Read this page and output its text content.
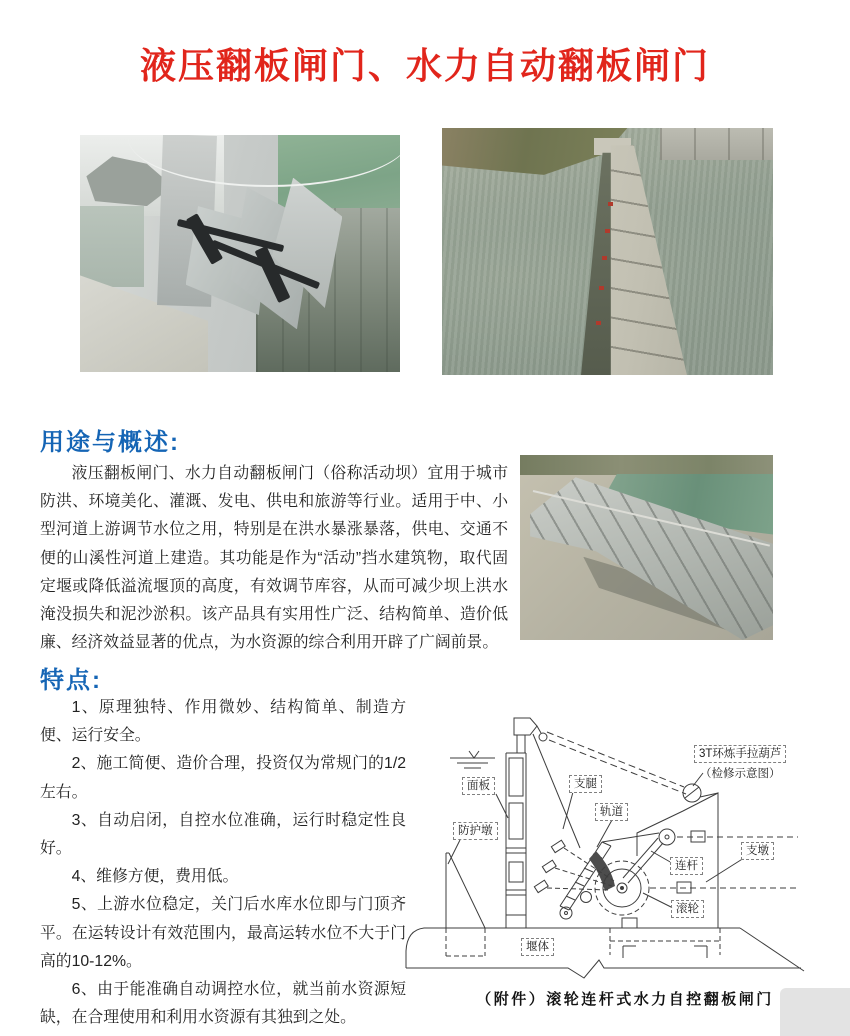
液压翻板闸门、水力自动翻板闸门
用途与概述:

液压翻板闸门、水力自动翻板闸门（俗称活动坝）宜用于城市防洪、环境美化、灌溉、发电、供电和旅游等行业。适用于中、小型河道上游调节水位之用，特别是在洪水暴涨暴落，供电、交通不便的山溪性河道上建造。其功能是作为“活动”挡水建筑物，取代固定堰或降低溢流堰顶的高度，有效调节库容，从而可减少坝上洪水淹没损失和泥沙淤积。该产品具有实用性广泛、结构简单、造价低廉、经济效益显著的优点，为水资源的综合利用开辟了广阔前景。

特点:

1、原理独特、作用微妙、结构简单、制造方便、运行安全。

2、施工简便、造价合理，投资仅为常规门的1/2左右。

3、自动启闭，自控水位准确，运行时稳定性良好。

4、维修方便，费用低。

5、上游水位稳定，关门后水库水位即与门顶齐平。在运转设计有效范围内，最高运转水位不大于门高的10-12%。

6、由于能准确自动调控水位，就当前水资源短缺，在合理使用和利用水资源有其独到之处。

面板
防护墩
支腿
轨道
3T环炼手拉葫芦
（检修示意图）
连杆
支墩
滚轮
堰体
（附件）滚轮连杆式水力自控翻板闸门
